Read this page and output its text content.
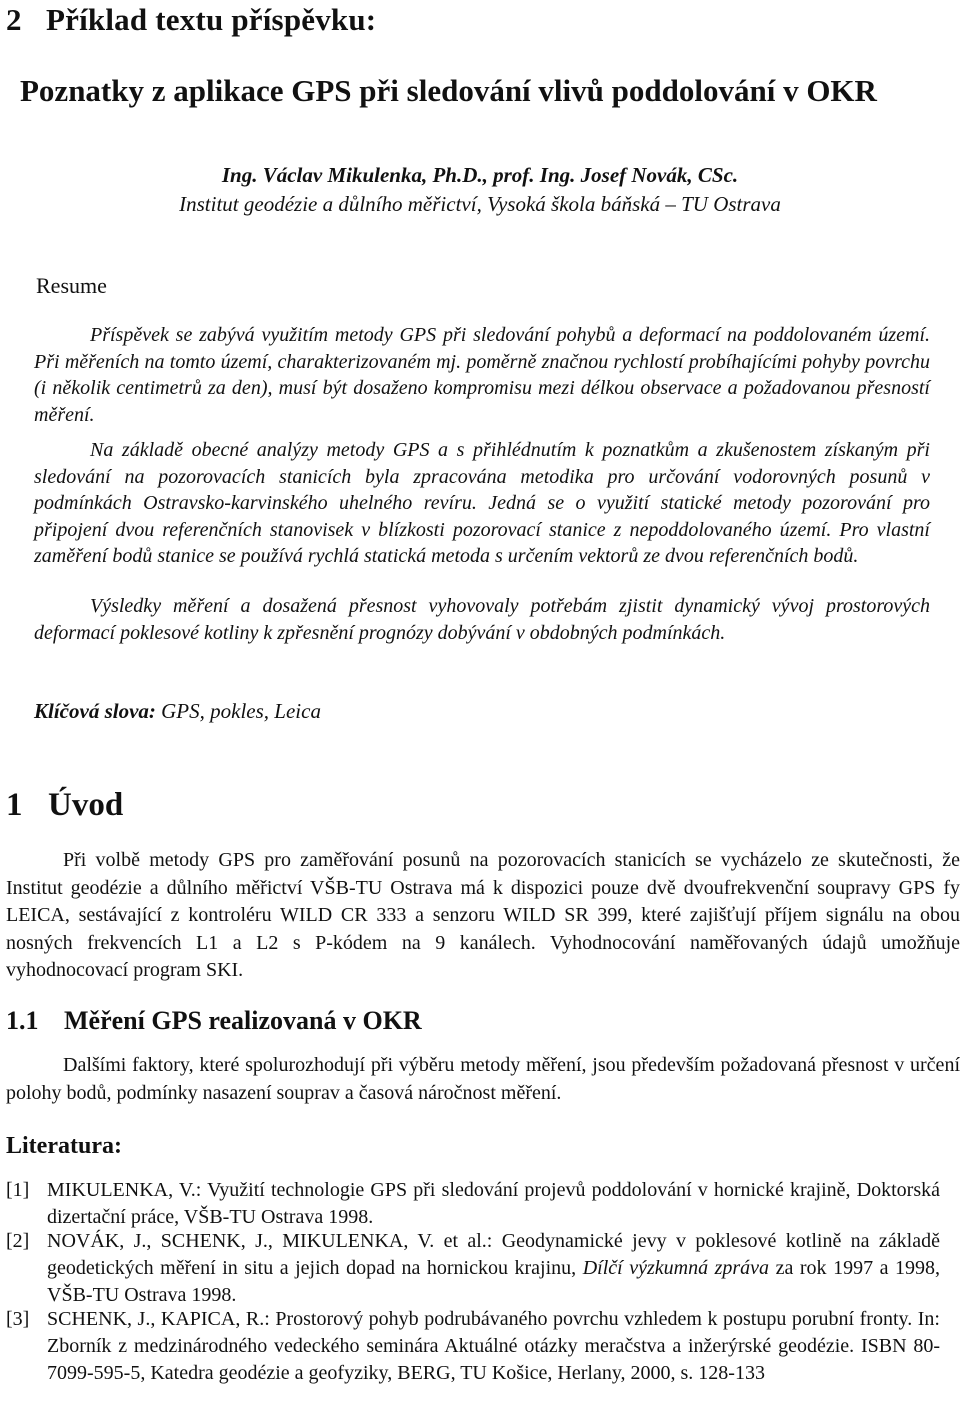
2 Příklad textu příspěvku:
Poznatky z aplikace GPS při sledování vlivů poddolování v OKR
Ing. Václav Mikulenka, Ph.D., prof. Ing. Josef Novák, CSc.
Institut geodézie a důlního měřictví, Vysoká škola báňská – TU Ostrava
Resume

Příspěvek se zabývá využitím metody GPS při sledování pohybů a deformací na poddolovaném území. Při měřeních na tomto území, charakterizovaném mj. poměrně značnou rychlostí probíhajícími pohyby povrchu (i několik centimetrů za den), musí být dosaženo kompromisu mezi délkou observace a požadovanou přesností měření.

Na základě obecné analýzy metody GPS a s přihlédnutím k poznatkům a zkušenostem získaným při sledování na pozorovacích stanicích byla zpracována metodika pro určování vodorovných posunů v podmínkách Ostravsko-karvinského uhelného revíru. Jedná se o využití statické metody pozorování pro připojení dvou referenčních stanovisek v blízkosti pozorovací stanice z nepoddolovaného území. Pro vlastní zaměření bodů stanice se používá rychlá statická metoda s určením vektorů ze dvou referenčních bodů.

Výsledky měření a dosažená přesnost vyhovovaly potřebám zjistit dynamický vývoj prostorových deformací poklesové kotliny k zpřesnění prognózy dobývání v obdobných podmínkách.

Klíčová slova: GPS, pokles, Leica
1 Úvod

Při volbě metody GPS pro zaměřování posunů na pozorovacích stanicích se vycházelo ze skutečnosti, že Institut geodézie a důlního měřictví VŠB-TU Ostrava má k dispozici pouze dvě dvoufrekvenční soupravy GPS fy LEICA, sestávající z kontroléru WILD CR 333 a senzoru WILD SR 399, které zajišťují příjem signálu na obou nosných frekvencích L1 a L2 s P-kódem na 9 kanálech. Vyhodnocování naměřovaných údajů umožňuje vyhodnocovací program SKI.

1.1 Měření GPS realizovaná v OKR

Dalšími faktory, které spolurozhodují při výběru metody měření, jsou především požadovaná přesnost v určení polohy bodů, podmínky nasazení souprav a časová náročnost měření.

Literatura:
[1] MIKULENKA, V.: Využití technologie GPS při sledování projevů poddolování v hornické krajině, Doktorská dizertační práce, VŠB-TU Ostrava 1998.
[2] NOVÁK, J., SCHENK, J., MIKULENKA, V. et al.: Geodynamické jevy v poklesové kotlině na základě geodetických měření in situ a jejich dopad na hornickou krajinu, Dílčí výzkumná zpráva za rok 1997 a 1998, VŠB-TU Ostrava 1998.
[3] SCHENK, J., KAPICA, R.: Prostorový pohyb podrubávaného povrchu vzhledem k postupu porubní fronty. In: Zborník z medzinárodného vedeckého seminára Aktuálné otázky meračstva a inžerýrské geodézie. ISBN 80-7099-595-5, Katedra geodézie a geofyziky, BERG, TU Košice, Herlany, 2000, s. 128-133
